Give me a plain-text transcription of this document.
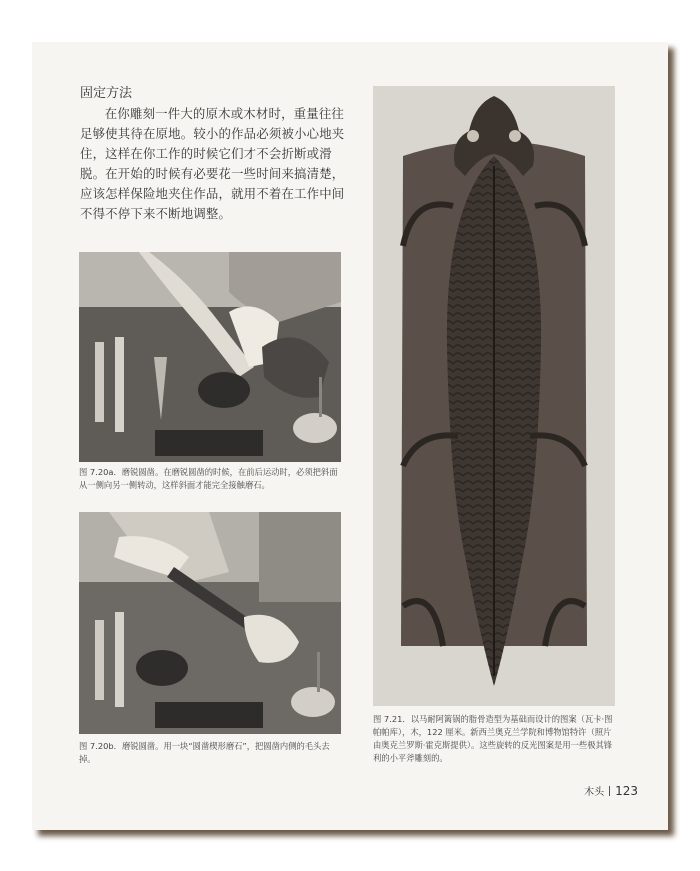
固定方法

在你雕刻一件大的原木或木材时，重量往往足够使其待在原地。较小的作品必须被小心地夹住，这样在你工作的时候它们才不会折断或滑脱。在开始的时候有必要花一些时间来搞清楚，应该怎样保险地夹住作品，就用不着在工作中间不得不停下来不断地调整。

图 7.20a．磨锐圆凿。在磨锐圆凿的时候，在前后运动时，必须把斜面从一侧向另一侧转动，这样斜面才能完全接触磨石。

图 7.20b．磨锐圆凿。用一块“圆凿楔形磨石”，把圆凿内侧的毛头去掉。

图 7.21．以马耐阿篱锅的脂骨造型为基础而设计的图案（瓦卡·图帕帕库），木，122 厘米。新西兰奥克兰学院和博物馆特许（照片由奥克兰罗斯·霍克斯提供）。这些旋转的反光图案是用一些极其锋利的小平斧雕刻的。

木头 123
